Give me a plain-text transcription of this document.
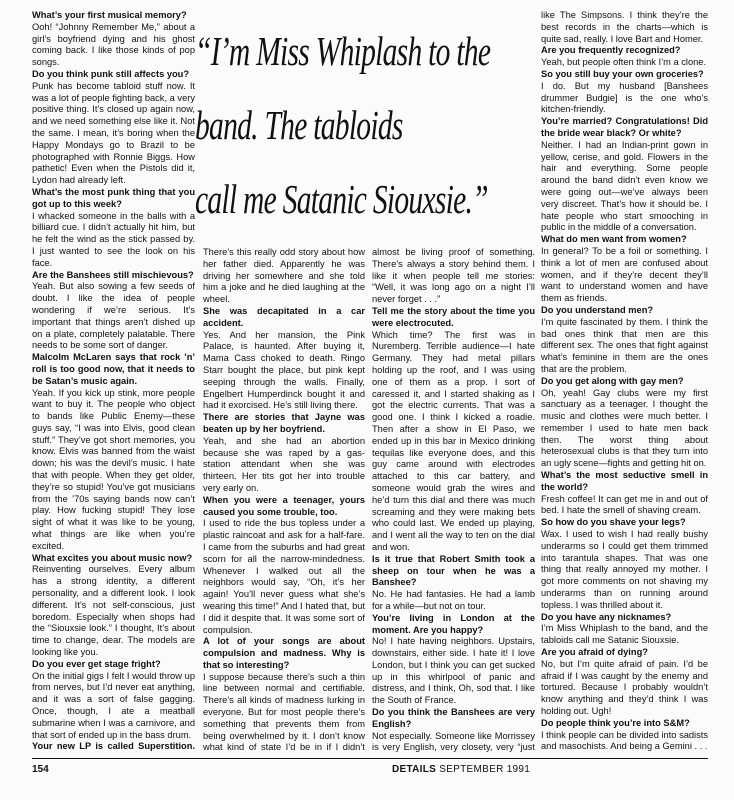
“I’m Miss Whiplash to the
band. The tabloids
call me Satanic Siouxsie.”

What’s your first musical memory?

Ooh! “Johnny Remember Me,” about a girl’s boyfriend dying and his ghost coming back. I like those kinds of pop songs.

Do you think punk still affects you?

Punk has become tabloid stuff now. It was a lot of people fighting back, a very positive thing. It’s closed up again now, and we need something else like it. Not the same. I mean, it’s boring when the Happy Mondays go to Brazil to be photographed with Ronnie Biggs. How pathetic! Even when the Pistols did it, Lydon had already left.

What’s the most punk thing that you got up to this week?

I whacked someone in the balls with a billiard cue. I didn’t actually hit him, but he felt the wind as the stick passed by. I just wanted to see the look on his face.

Are the Banshees still mischievous?

Yeah. But also sowing a few seeds of doubt. I like the idea of people wondering if we’re serious. It’s important that things aren’t dished up on a plate, completely palatable. There needs to be some sort of danger.

Malcolm McLaren says that rock ’n’ roll is too good now, that it needs to be Satan’s music again.

Yeah. If you kick up stink, more people want to buy it. The people who object to bands like Public Enemy—these guys say, “I was into Elvis, good clean stuff.” They’ve got short memories, you know. Elvis was banned from the waist down; his was the devil’s music. I hate that with people. When they get older, they’re so stupid! You’ve got musicians from the ’70s saying bands now can’t play. How fucking stupid! They lose sight of what it was like to be young, what things are like when you’re excited.

What excites you about music now?

Reinventing ourselves. Every album has a strong identity, a different personality, and a different look. I look different. It’s not self-conscious, just boredom. Especially when shops had the “Siouxsie look.” I thought, It’s about time to change, dear. The models are looking like you.

Do you ever get stage fright?

On the initial gigs I felt I would throw up from nerves, but I’d never eat anything, and it was a sort of false gagging. Once, though, I ate a meatball submarine when I was a carnivore, and that sort of ended up in the bass drum.

Your new LP is called Superstition.

There’s this really odd story about how her father died. Apparently he was driving her somewhere and she told him a joke and he died laughing at the wheel.

She was decapitated in a car accident.

Yes. And her mansion, the Pink Palace, is haunted. After buying it, Mama Cass choked to death. Ringo Starr bought the place, but pink kept seeping through the walls. Finally, Engelbert Humperdinck bought it and had it exorcised. He’s still living there.

There are stories that Jayne was beaten up by her boyfriend.

Yeah, and she had an abortion because she was raped by a gas-station attendant when she was thirteen. Her tits got her into trouble very early on.

When you were a teenager, yours caused you some trouble, too.

I used to ride the bus topless under a plastic raincoat and ask for a half-fare. I came from the suburbs and had great scorn for all the narrow-mindedness. Whenever I walked out all the neighbors would say, “Oh, it’s her again! You’ll never guess what she’s wearing this time!” And I hated that, but I did it despite that. It was some sort of compulsion.

A lot of your songs are about compulsion and madness. Why is that so interesting?

I suppose because there’s such a thin line between normal and certifiable. There’s all kinds of madness lurking in everyone. But for most people there’s something that prevents them from being overwhelmed by it. I don’t know what kind of state I’d be in if I didn’t

almost be living proof of something. There’s always a story behind them. I like it when people tell me stories: “Well, it was long ago on a night I’ll never forget . . .”

Tell me the story about the time you were electrocuted.

Which time? The first was in Nuremberg. Terrible audience—I hate Germany. They had metal pillars holding up the roof, and I was using one of them as a prop. I sort of caressed it, and I started shaking as I got the electric currents. That was a good one. I think I kicked a roadie. Then after a show in El Paso, we ended up in this bar in Mexico drinking tequilas like everyone does, and this guy came around with electrodes attached to this car battery, and someone would grab the wires and he’d turn this dial and there was much screaming and they were making bets who could last. We ended up playing, and I went all the way to ten on the dial and won.

Is it true that Robert Smith took a sheep on tour when he was a Banshee?

No. He had fantasies. He had a lamb for a while—but not on tour.

You’re living in London at the moment. Are you happy?

No! I hate having neighbors. Upstairs, downstairs, either side. I hate it! I love London, but I think you can get sucked up in this whirlpool of panic and distress, and I think, Oh, sod that. I like the South of France.

Do you think the Banshees are very English?

Not especially. Someone like Morrissey is very English, very closety, very “just

like The Simpsons. I think they’re the best records in the charts—which is quite sad, really. I love Bart and Homer.

Are you frequently recognized?

Yeah, but people often think I’m a clone.

So you still buy your own groceries?

I do. But my husband [Banshees drummer Budgie] is the one who’s kitchen-friendly.

You’re married? Congratulations! Did the bride wear black? Or white?

Neither. I had an Indian-print gown in yellow, cerise, and gold. Flowers in the hair and everything. Some people around the band didn’t even know we were going out—we’ve always been very discreet. That’s how it should be. I hate people who start smooching in public in the middle of a conversation.

What do men want from women?

In general? To be a foil or something. I think a lot of men are confused about women, and if they’re decent they’ll want to understand women and have them as friends.

Do you understand men?

I’m quite fascinated by them. I think the bad ones think that men are this different sex. The ones that fight against what’s feminine in them are the ones that are the problem.

Do you get along with gay men?

Oh, yeah! Gay clubs were my first sanctuary as a teenager. I thought the music and clothes were much better. I remember I used to hate men back then. The worst thing about heterosexual clubs is that they turn into an ugly scene—fights and getting hit on.

What’s the most seductive smell in the world?

Fresh coffee! It can get me in and out of bed. I hate the smell of shaving cream.

So how do you shave your legs?

Wax. I used to wish I had really bushy underarms so I could get them trimmed into tarantula shapes. That was one thing that really annoyed my mother. I got more comments on not shaving my underarms than on running around topless. I was thrilled about it.

Do you have any nicknames?

I’m Miss Whiplash to the band, and the tabloids call me Satanic Siouxsie.

Are you afraid of dying?

No, but I’m quite afraid of pain. I’d be afraid if I was caught by the enemy and tortured. Because I probably wouldn’t know anything and they’d think I was holding out. Ugh!

Do people think you’re into S&M?

I think people can be divided into sadists and masochists. And being a Gemini . . .

154	DETAILS SEPTEMBER 1991
